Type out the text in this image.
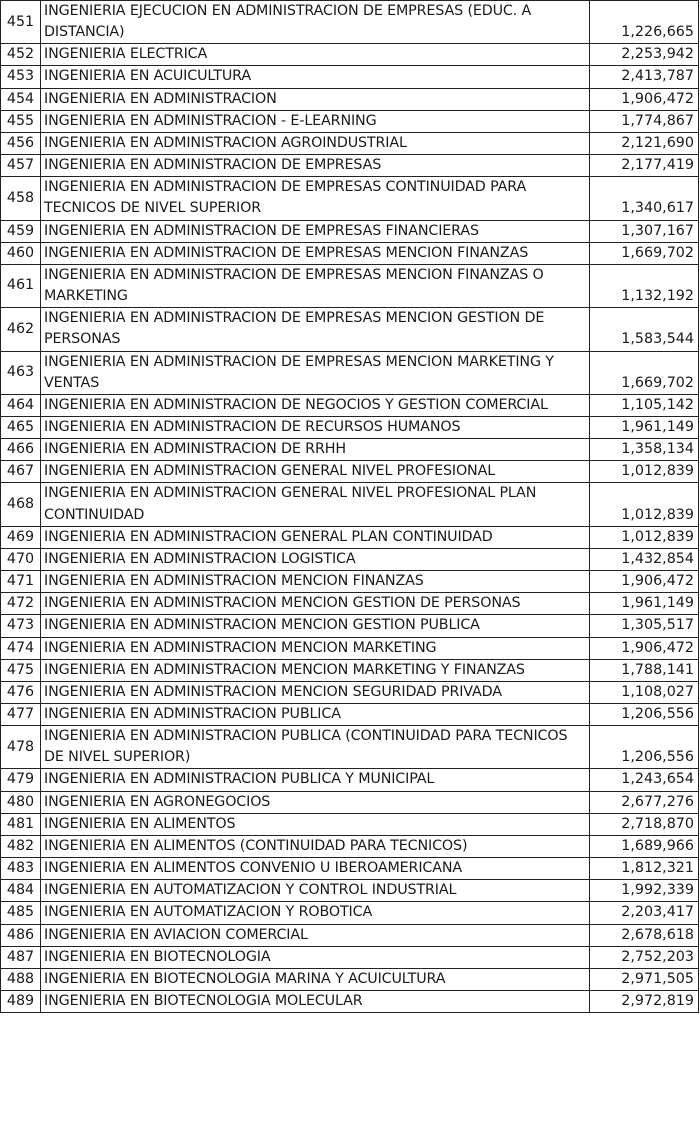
451	INGENIERIA EJECUCION EN ADMINISTRACION DE EMPRESAS (EDUC. A DISTANCIA)	1,226,665
452	INGENIERIA ELECTRICA	2,253,942
453	INGENIERIA EN ACUICULTURA	2,413,787
454	INGENIERIA EN ADMINISTRACION	1,906,472
455	INGENIERIA EN ADMINISTRACION - E-LEARNING	1,774,867
456	INGENIERIA EN ADMINISTRACION AGROINDUSTRIAL	2,121,690
457	INGENIERIA EN ADMINISTRACION DE EMPRESAS	2,177,419
458	INGENIERIA EN ADMINISTRACION DE EMPRESAS CONTINUIDAD PARA TECNICOS DE NIVEL SUPERIOR	1,340,617
459	INGENIERIA EN ADMINISTRACION DE EMPRESAS FINANCIERAS	1,307,167
460	INGENIERIA EN ADMINISTRACION DE EMPRESAS MENCION FINANZAS	1,669,702
461	INGENIERIA EN ADMINISTRACION DE EMPRESAS MENCION FINANZAS O MARKETING	1,132,192
462	INGENIERIA EN ADMINISTRACION DE EMPRESAS MENCION GESTION DE PERSONAS	1,583,544
463	INGENIERIA EN ADMINISTRACION DE EMPRESAS MENCION MARKETING Y VENTAS	1,669,702
464	INGENIERIA EN ADMINISTRACION DE NEGOCIOS Y GESTION COMERCIAL	1,105,142
465	INGENIERIA EN ADMINISTRACION DE RECURSOS HUMANOS	1,961,149
466	INGENIERIA EN ADMINISTRACION DE RRHH	1,358,134
467	INGENIERIA EN ADMINISTRACION GENERAL NIVEL PROFESIONAL	1,012,839
468	INGENIERIA EN ADMINISTRACION GENERAL NIVEL PROFESIONAL PLAN CONTINUIDAD	1,012,839
469	INGENIERIA EN ADMINISTRACION GENERAL PLAN CONTINUIDAD	1,012,839
470	INGENIERIA EN ADMINISTRACION LOGISTICA	1,432,854
471	INGENIERIA EN ADMINISTRACION MENCION FINANZAS	1,906,472
472	INGENIERIA EN ADMINISTRACION MENCION GESTION DE PERSONAS	1,961,149
473	INGENIERIA EN ADMINISTRACION MENCION GESTION PUBLICA	1,305,517
474	INGENIERIA EN ADMINISTRACION MENCION MARKETING	1,906,472
475	INGENIERIA EN ADMINISTRACION MENCION MARKETING Y FINANZAS	1,788,141
476	INGENIERIA EN ADMINISTRACION MENCION SEGURIDAD PRIVADA	1,108,027
477	INGENIERIA EN ADMINISTRACION PUBLICA	1,206,556
478	INGENIERIA EN ADMINISTRACION PUBLICA (CONTINUIDAD PARA TECNICOS DE NIVEL SUPERIOR)	1,206,556
479	INGENIERIA EN ADMINISTRACION PUBLICA Y MUNICIPAL	1,243,654
480	INGENIERIA EN AGRONEGOCIOS	2,677,276
481	INGENIERIA EN ALIMENTOS	2,718,870
482	INGENIERIA EN ALIMENTOS (CONTINUIDAD PARA TECNICOS)	1,689,966
483	INGENIERIA EN ALIMENTOS CONVENIO U IBEROAMERICANA	1,812,321
484	INGENIERIA EN AUTOMATIZACION Y CONTROL INDUSTRIAL	1,992,339
485	INGENIERIA EN AUTOMATIZACION Y ROBOTICA	2,203,417
486	INGENIERIA EN AVIACION COMERCIAL	2,678,618
487	INGENIERIA EN BIOTECNOLOGIA	2,752,203
488	INGENIERIA EN BIOTECNOLOGIA MARINA Y ACUICULTURA	2,971,505
489	INGENIERIA EN BIOTECNOLOGIA MOLECULAR	2,972,819
